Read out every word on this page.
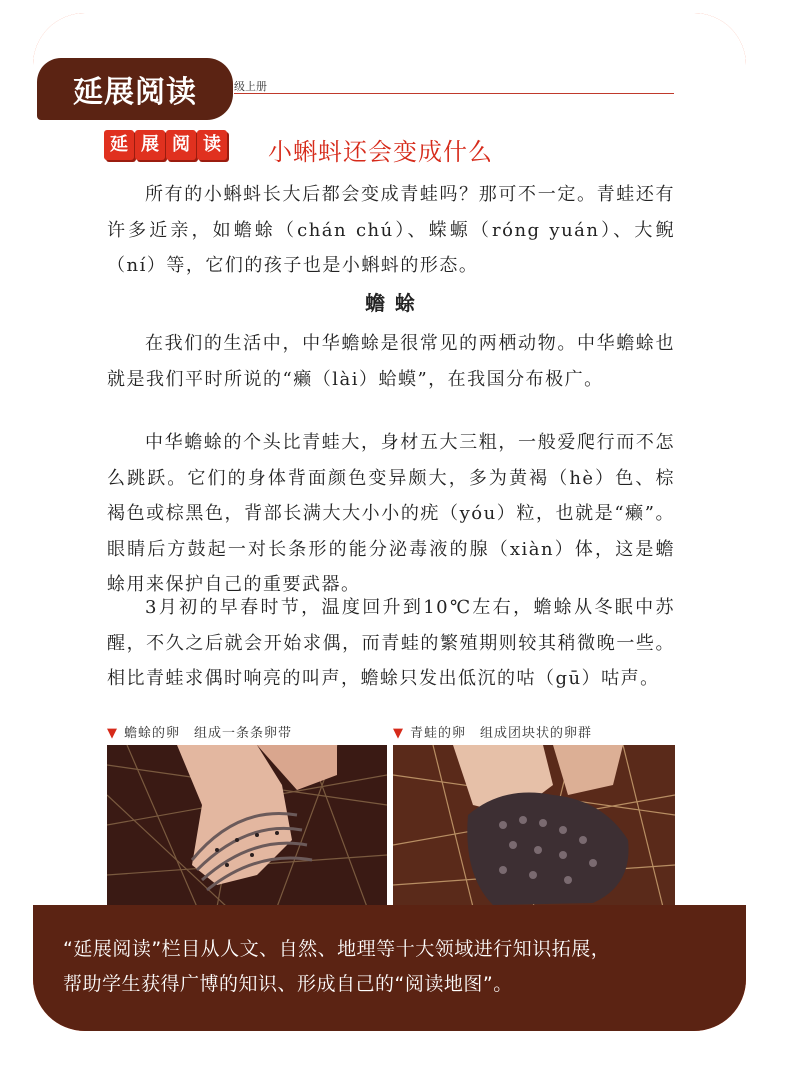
延展阅读	级上册
延 展 阅 读 小蝌蚪还会变成什么

所有的小蝌蚪长大后都会变成青蛙吗？那可不一定。青蛙还有许多近亲，如蟾蜍（chán chú）、蝾螈（róng yuán）、大鲵（ní）等，它们的孩子也是小蝌蚪的形态。

蟾蜍

在我们的生活中，中华蟾蜍是很常见的两栖动物。中华蟾蜍也就是我们平时所说的“癞（lài）蛤蟆”，在我国分布极广。

中华蟾蜍的个头比青蛙大，身材五大三粗，一般爱爬行而不怎么跳跃。它们的身体背面颜色变异颇大，多为黄褐（hè）色、棕褐色或棕黑色，背部长满大大小小的疣（yóu）粒，也就是“癞”。眼睛后方鼓起一对长条形的能分泌毒液的腺（xiàn）体，这是蟾蜍用来保护自己的重要武器。

3月初的早春时节，温度回升到10℃左右，蟾蜍从冬眠中苏醒，不久之后就会开始求偶，而青蛙的繁殖期则较其稍微晚一些。相比青蛙求偶时响亮的叫声，蟾蜍只发出低沉的咕（gū）咕声。

▼ 蟾蜍的卵　组成一条条卵带	▼ 青蛙的卵　组成团块状的卵群

“延展阅读”栏目从人文、自然、地理等十大领域进行知识拓展，

帮助学生获得广博的知识、形成自己的“阅读地图”。
